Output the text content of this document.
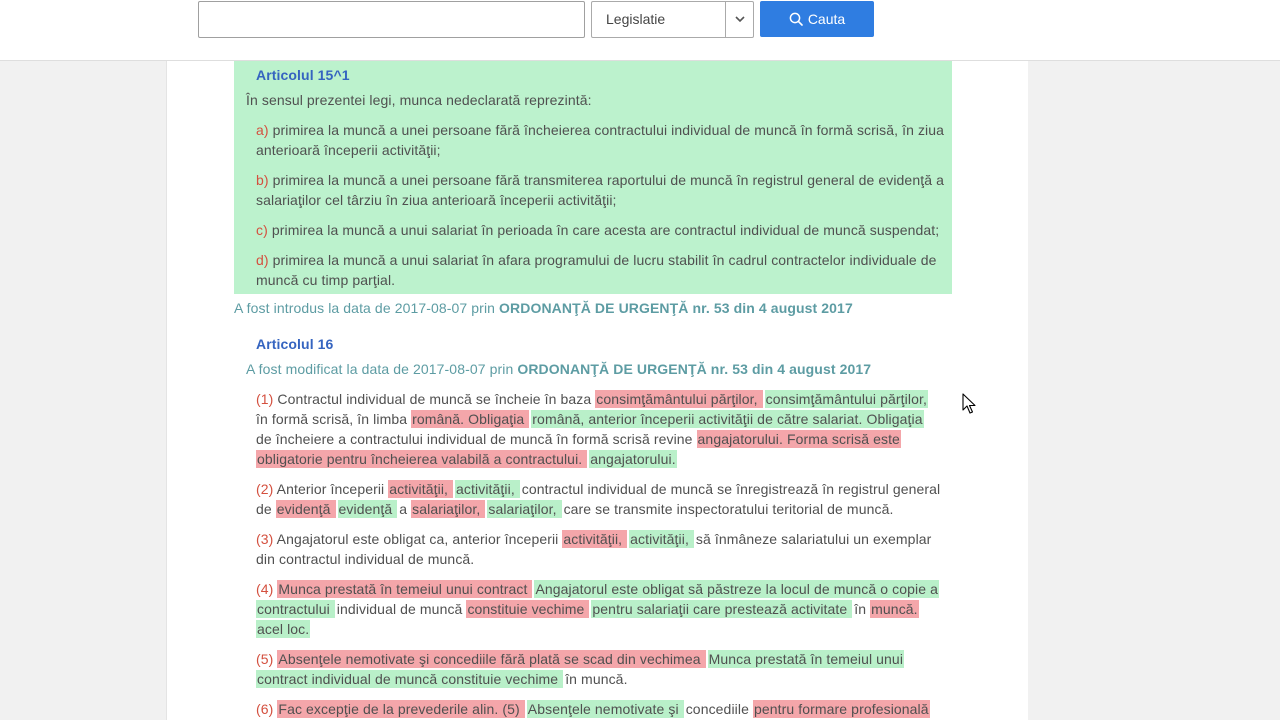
Legislatie	Cauta
Articolul 15^1
În sensul prezentei legi, munca nedeclarată reprezintă:
a) primirea la muncă a unei persoane fără încheierea contractului individual de muncă în formă scrisă, în ziua
anterioară începerii activităţii;
b) primirea la muncă a unei persoane fără transmiterea raportului de muncă în registrul general de evidenţă a
salariaţilor cel târziu în ziua anterioară începerii activităţii;
c) primirea la muncă a unui salariat în perioada în care acesta are contractul individual de muncă suspendat;
d) primirea la muncă a unui salariat în afara programului de lucru stabilit în cadrul contractelor individuale de
muncă cu timp parţial.
A fost introdus la data de 2017-08-07 prin ORDONANŢĂ DE URGENŢĂ nr. 53 din 4 august 2017
Articolul 16
A fost modificat la data de 2017-08-07 prin ORDONANŢĂ DE URGENŢĂ nr. 53 din 4 august 2017
(1) Contractul individual de muncă se încheie în baza consimţământului părţilor, consimţământului părţilor,
în formă scrisă, în limba română. Obligaţia română, anterior începerii activităţii de către salariat. Obligaţia
de încheiere a contractului individual de muncă în formă scrisă revine angajatorului. Forma scrisă este
obligatorie pentru încheierea valabilă a contractului. angajatorului.
(2) Anterior începerii activităţii, activităţii, contractul individual de muncă se înregistrează în registrul general
de evidenţă evidenţă a salariaţilor, salariaţilor, care se transmite inspectoratului teritorial de muncă.
(3) Angajatorul este obligat ca, anterior începerii activităţii, activităţii, să înmâneze salariatului un exemplar
din contractul individual de muncă.
(4) Munca prestată în temeiul unui contract Angajatorul este obligat să păstreze la locul de muncă o copie a
contractului individual de muncă constituie vechime pentru salariaţii care prestează activitate în muncă.
acel loc.
(5) Absenţele nemotivate şi concediile fără plată se scad din vechimea Munca prestată în temeiul unui
contract individual de muncă constituie vechime în muncă.
(6) Fac excepţie de la prevederile alin. (5) Absenţele nemotivate şi concediile pentru formare profesională
